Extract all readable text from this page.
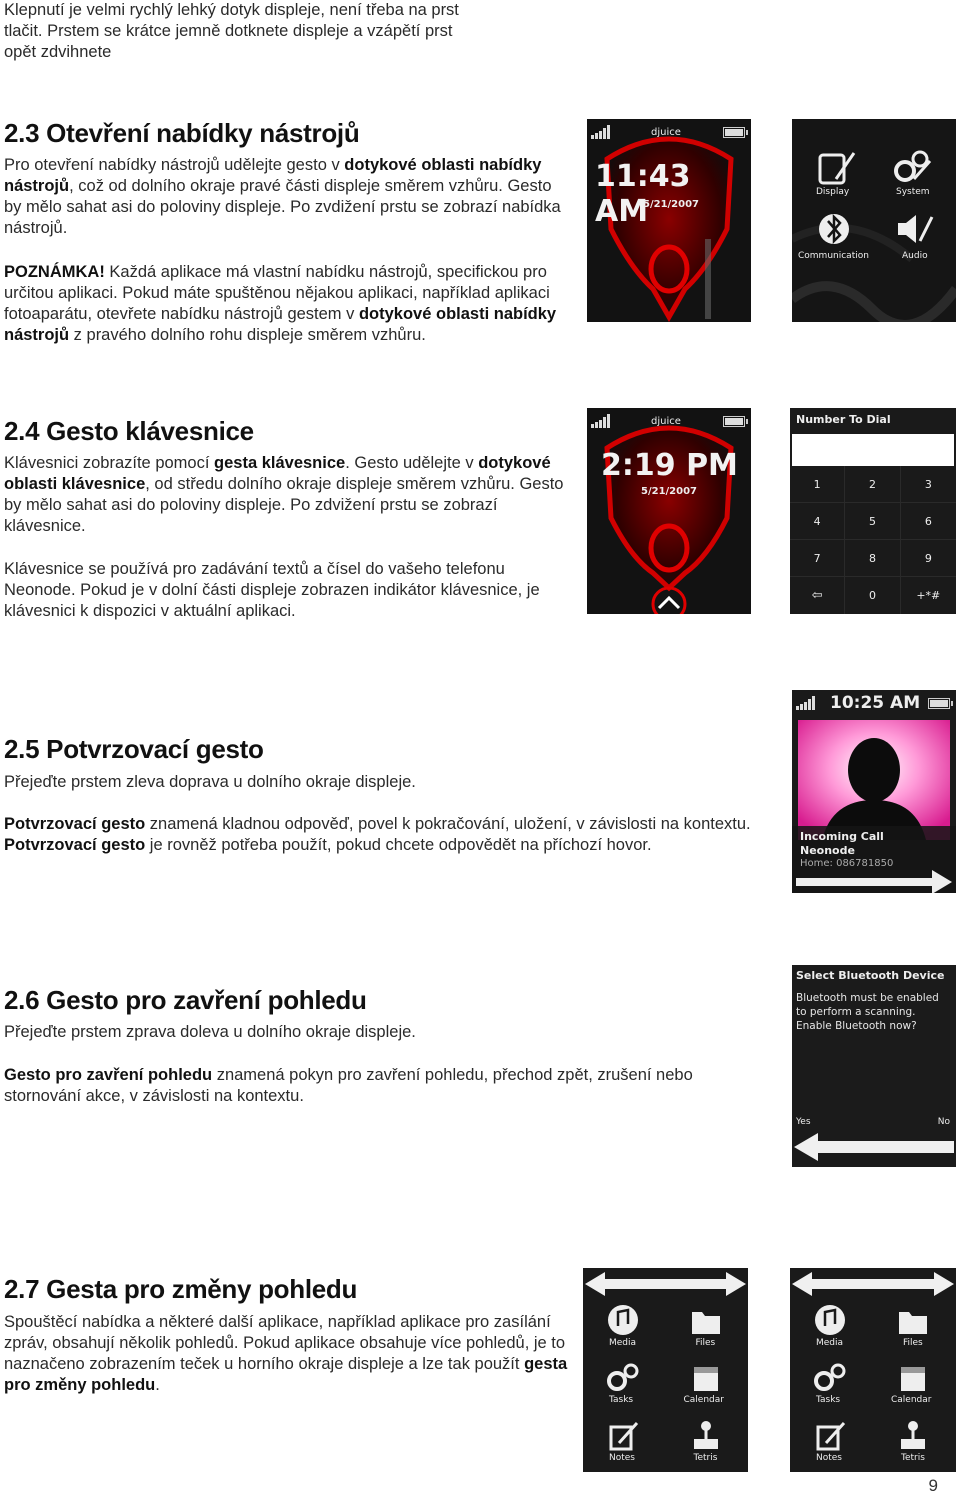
Klepnutí je velmi rychlý lehký dotyk displeje, není třeba na prst
tlačit. Prstem se krátce jemně dotknete displeje a vzápětí prst
opět zdvihnete
2.3 Otevření nabídky nástrojů
Pro otevření nabídky nástrojů udělejte gesto v dotykové oblasti nabídky nástrojů, což od dolního okraje pravé části displeje směrem vzhůru. Gesto by mělo sahat asi do poloviny displeje. Po zvdižení prstu se zobrazí nabídka nástrojů.
POZNÁMKA! Každá aplikace má vlastní nabídku nástrojů, specifickou pro určitou aplikaci. Pokud máte spuštěnou nějakou aplikaci, například aplikaci fotoaparátu, otevřete nabídku nástrojů gestem v dotykové oblasti nabídky nástrojů z pravého dolního rohu displeje směrem vzhůru.
djuice
11:43 AM
5/21/2007
Display	System
Communication	Audio
2.4 Gesto klávesnice
Klávesnici zobrazíte pomocí gesta klávesnice. Gesto udělejte v dotykové oblasti klávesnice, od středu dolního okraje displeje směrem vzhůru. Gesto by mělo sahat asi do poloviny displeje. Po zdvižení prstu se zobrazí klávesnice.
Klávesnice se používá pro zadávání textů a čísel do vašeho telefonu Neonode. Pokud je v dolní části displeje zobrazen indikátor klávesnice, je klávesnici k dispozici v aktuální aplikaci.
djuice
2:19 PM
5/21/2007
Number To Dial
1	2	3
4	5	6
7	8	9
⇦	0	+*#
2.5 Potvrzovací gesto
Přejeďte prstem zleva doprava u dolního okraje displeje.
Potvrzovací gesto znamená kladnou odpověď, povel k pokračování, uložení, v závislosti na kontextu. Potvrzovací gesto je rovněž potřeba použít, pokud chcete odpovědět na příchozí hovor.
10:25 AM
Incoming Call
Neonode
Home: 086781850
2.6 Gesto pro zavření pohledu
Přejeďte prstem zprava doleva u dolního okraje displeje.
Gesto pro zavření pohledu znamená pokyn pro zavření pohledu, přechod zpět, zrušení nebo stornování akce, v závislosti na kontextu.
Select Bluetooth Device
Bluetooth must be enabled to perform a scanning. Enable Bluetooth now?
Yes	No
2.7 Gesta pro změny pohledu
Spouštěcí nabídka a některé další aplikace, například aplikace pro zasílání zpráv, obsahují několik pohledů. Pokud aplikace obsahuje více pohledů, je to naznačeno zobrazením teček u horního okraje displeje a lze tak použít gesta pro změny pohledu.
Media	Files
Tasks	Calendar
Notes	Tetris
Media	Files
Tasks	Calendar
Notes	Tetris
9
